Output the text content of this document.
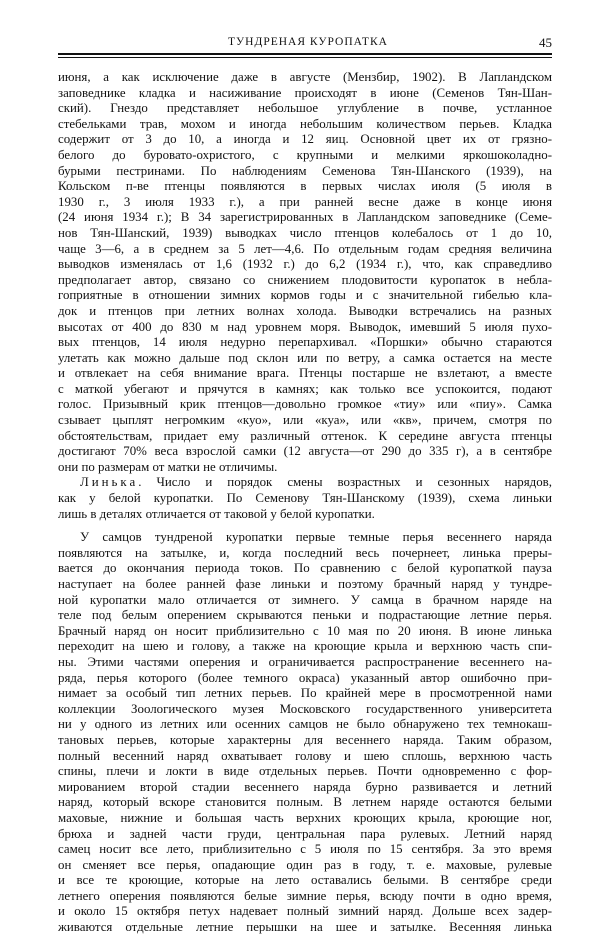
ТУНДРЕНАЯ КУРОПАТКА	45
июня, а как исключение даже в августе (Мензбир, 1902). В Лапландском
заповеднике кладка и насиживание происходят в июне (Семенов Тян-Шан-
ский). Гнездо представляет небольшое углубление в почве, устланное
стебельками трав, мохом и иногда небольшим количеством перьев. Кладка
содержит от 3 до 10, а иногда и 12 яиц. Основной цвет их от грязно-
белого до буровато-охристого, с крупными и мелкими яркошоколадно-
бурыми пестринами. По наблюдениям Семенова Тян-Шанского (1939), на
Кольском п-ве птенцы появляются в первых числах июля (5 июля в
1930 г., 3 июля 1933 г.), а при ранней весне даже в конце июня
(24 июня 1934 г.); В 34 зарегистрированных в Лапландском заповеднике (Семе-
нов Тян-Шанский, 1939) выводках число птенцов колебалось от 1 до 10,
чаще 3—6, а в среднем за 5 лет—4,6. По отдельным годам средняя величина
выводков изменялась от 1,6 (1932 г.) до 6,2 (1934 г.), что, как справедливо
предполагает автор, связано со снижением плодовитости куропаток в небла-
гоприятные в отношении зимних кормов годы и с значительной гибелью кла-
док и птенцов при летних волнах холода. Выводки встречались на разных
высотах от 400 до 830 м над уровнем моря. Выводок, имевший 5 июля пухо-
вых птенцов, 14 июля недурно перепархивал. «Поршки» обычно стараются
улетать как можно дальше под склон или по ветру, а самка остается на месте
и отвлекает на себя внимание врага. Птенцы постарше не взлетают, а вместе
с маткой убегают и прячутся в камнях; как только все успокоится, подают
голос. Призывный крик птенцов—довольно громкое «тиу» или «пиу». Самка
сзывает цыплят негромким «куо», или «куа», или «кв», причем, смотря по
обстоятельствам, придает ему различный оттенок. К середине августа птенцы
достигают 70% веса взрослой самки (12 августа—от 290 до 335 г), а в сентябре
они по размерам от матки не отличимы.
Линька. Число и порядок смены возрастных и сезонных нарядов,
как у белой куропатки. По Семенову Тян-Шанскому (1939), схема линьки
лишь в деталях отличается от таковой у белой куропатки.
У самцов тундреной куропатки первые темные перья весеннего наряда
появляются на затылке, и, когда последний весь почернеет, линька преры-
вается до окончания периода токов. По сравнению с белой куропаткой пауза
наступает на более ранней фазе линьки и поэтому брачный наряд у тундре-
ной куропатки мало отличается от зимнего. У самца в брачном наряде на
теле под белым оперением скрываются пеньки и подрастающие летние перья.
Брачный наряд он носит приблизительно с 10 мая по 20 июня. В июне линька
переходит на шею и голову, а также на кроющие крыла и верхнюю часть спи-
ны. Этими частями оперения и ограничивается распространение весеннего на-
ряда, перья которого (более темного окраса) указанный автор ошибочно при-
нимает за особый тип летних перьев. По крайней мере в просмотренной нами
коллекции Зоологического музея Московского государственного университета
ни у одного из летних или осенних самцов не было обнаружено тех темнокаш-
тановых перьев, которые характерны для весеннего наряда. Таким образом,
полный весенний наряд охватывает голову и шею сплошь, верхнюю часть
спины, плечи и локти в виде отдельных перьев. Почти одновременно с фор-
мированием второй стадии весеннего наряда бурно развивается и летний
наряд, который вскоре становится полным. В летнем наряде остаются белыми
маховые, нижние и большая часть верхних кроющих крыла, кроющие ног,
брюха и задней части груди, центральная пара рулевых. Летний наряд
самец носит все лето, приблизительно с 5 июля по 15 сентября. За это время
он сменяет все перья, опадающие один раз в году, т. е. маховые, рулевые
и все те кроющие, которые на лето оставались белыми. В сентябре среди
летнего оперения появляются белые зимние перья, всюду почти в одно время,
и около 15 октября петух надевает полный зимний наряд. Дольше всех задер-
живаются отдельные летние перышки на шее и затылке. Весенняя линька
